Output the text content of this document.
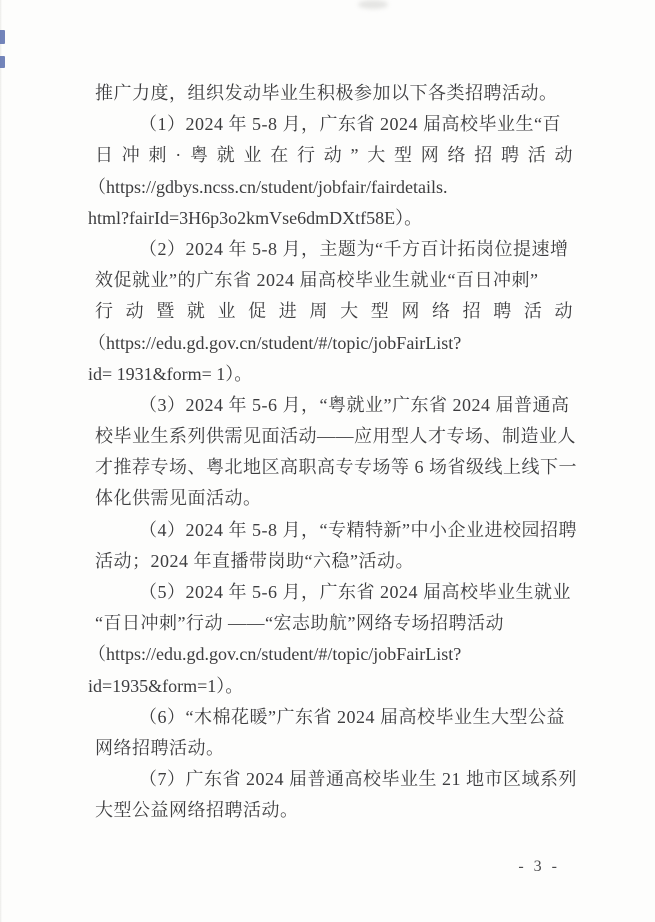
推广力度，组织发动毕业生积极参加以下各类招聘活动。
（1）2024 年 5-8 月，广东省 2024 届高校毕业生“百
日冲刺·粤就业在行动”大型网络招聘活动
（https://gdbys.ncss.cn/student/jobfair/fairdetails.
html?fairId=3H6p3o2kmVse6dmDXtf58E）。
（2）2024 年 5-8 月，主题为“千方百计拓岗位提速增
效促就业”的广东省 2024 届高校毕业生就业“百日冲刺”
行动暨就业促进周大型网络招聘活动
（https://edu.gd.gov.cn/student/#/topic/jobFairList?
id= 1931&form= 1）。
（3）2024 年 5-6 月，“粤就业”广东省 2024 届普通高
校毕业生系列供需见面活动——应用型人才专场、制造业人
才推荐专场、粤北地区高职高专专场等 6 场省级线上线下一
体化供需见面活动。
（4）2024 年 5-8 月，“专精特新”中小企业进校园招聘
活动；2024 年直播带岗助“六稳”活动。
（5）2024 年 5-6 月，广东省 2024 届高校毕业生就业
“百日冲刺”行动 ——“宏志助航”网络专场招聘活动
（https://edu.gd.gov.cn/student/#/topic/jobFairList?
id=1935&form=1）。
（6）“木棉花暖”广东省 2024 届高校毕业生大型公益
网络招聘活动。
（7）广东省 2024 届普通高校毕业生 21 地市区域系列
大型公益网络招聘活动。
- 3 -
